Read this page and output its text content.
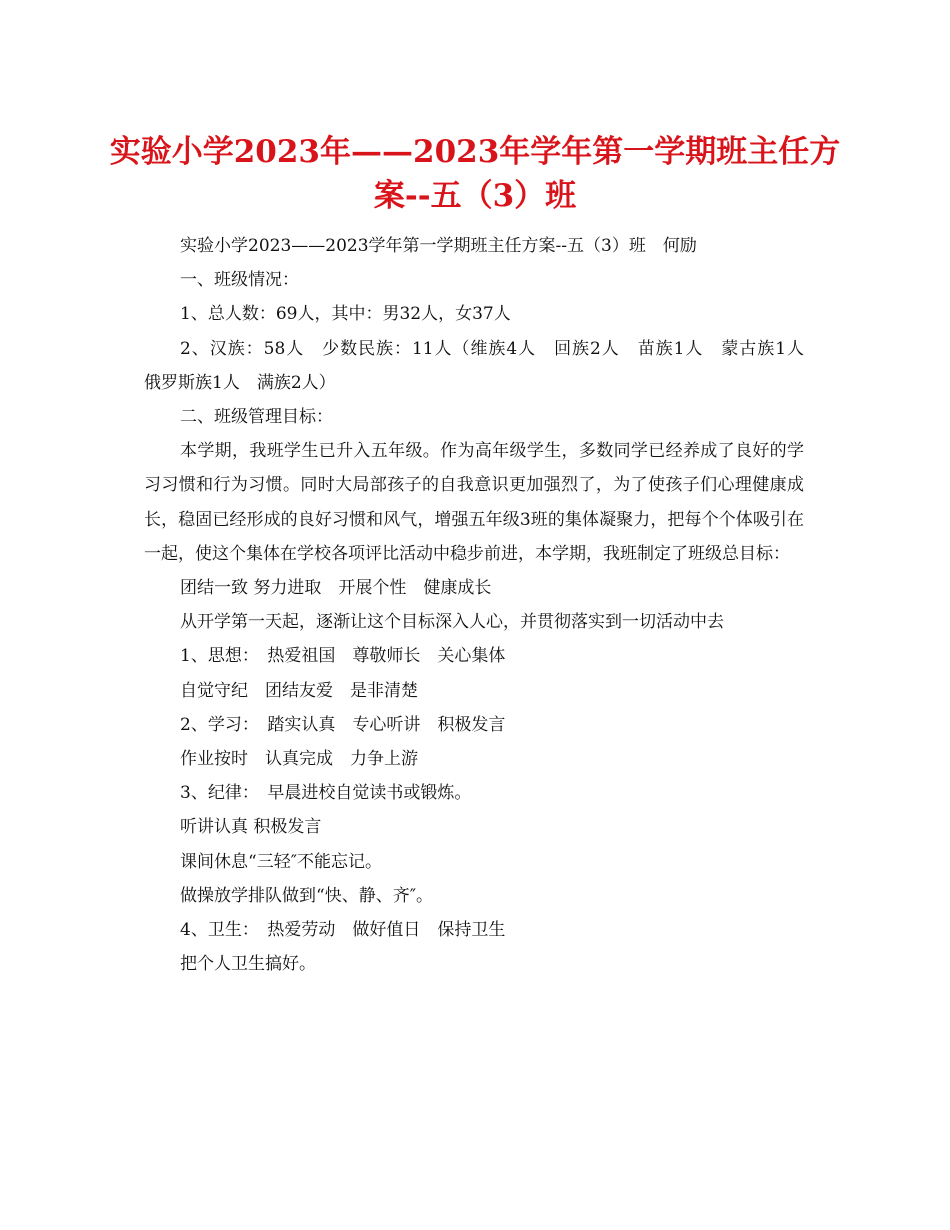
实验小学2023年——2023年学年第一学期班主任方
案--五（3）班

实验小学2023——2023学年第一学期班主任方案--五（3）班　何励

一、班级情况：

1、总人数：69人，其中：男32人，女37人

2、汉族：58人　少数民族：11人（维族4人　回族2人　苗族1人　蒙古族1人　俄罗斯族1人　满族2人）

二、班级管理目标：

本学期，我班学生已升入五年级。作为高年级学生，多数同学已经养成了良好的学习习惯和行为习惯。同时大局部孩子的自我意识更加强烈了，为了使孩子们心理健康成长，稳固已经形成的良好习惯和风气，增强五年级3班的集体凝聚力，把每个个体吸引在一起，使这个集体在学校各项评比活动中稳步前进，本学期，我班制定了班级总目标：

团结一致 努力进取　开展个性　健康成长

从开学第一天起，逐渐让这个目标深入人心，并贯彻落实到一切活动中去

1、思想：　热爱祖国　尊敬师长　关心集体

自觉守纪　团结友爱　是非清楚

2、学习：　踏实认真　专心听讲　积极发言

作业按时　认真完成　力争上游

3、纪律：　早晨进校自觉读书或锻炼。

听讲认真 积极发言

课间休息“三轻″不能忘记。

做操放学排队做到“快、静、齐″。

4、卫生：　热爱劳动　做好值日　保持卫生

把个人卫生搞好。
